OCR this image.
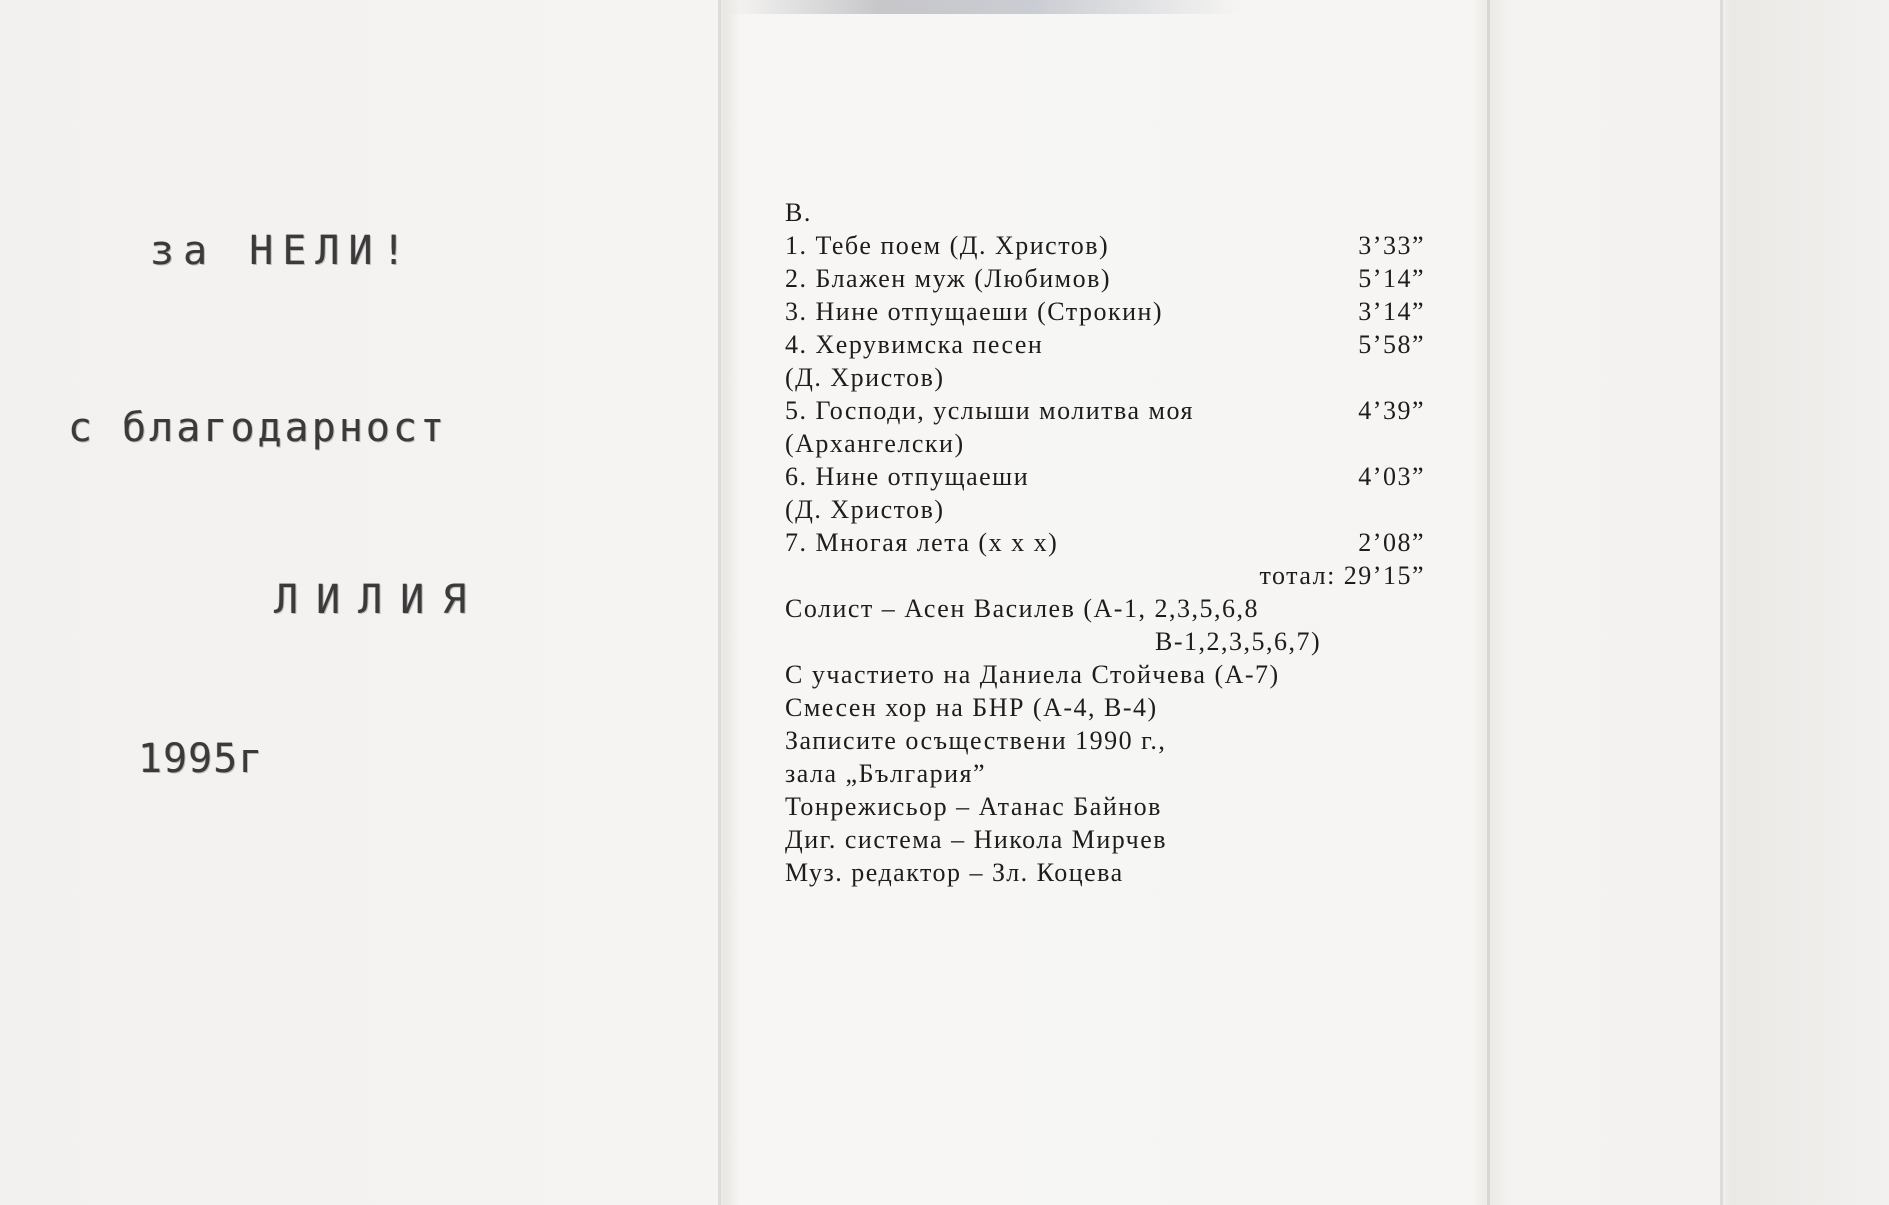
за НЕЛИ!
с благодарност
ЛИЛИЯ
1995г
В.
1. Тебе поем (Д. Христов)	3’33”
2. Блажен муж (Любимов)	5’14”
3. Нине отпущаеши (Строкин)	3’14”
4. Херувимска песен	5’58”
(Д. Христов)
5. Господи, услыши молитва моя	4’39”
(Архангелски)
6. Нине отпущаеши	4’03”
(Д. Христов)
7. Многая лета (x x x)	2’08”
тотал: 29’15”
Солист – Асен Василев (А-1, 2,3,5,6,8
В-1,2,3,5,6,7)
С участието на Даниела Стойчева (А-7)
Смесен хор на БНР (А-4, В-4)
Записите осъществени 1990 г.,
зала „България”
Тонрежисьор – Атанас Байнов
Диг. система – Никола Мирчев
Муз. редактор – Зл. Коцева
